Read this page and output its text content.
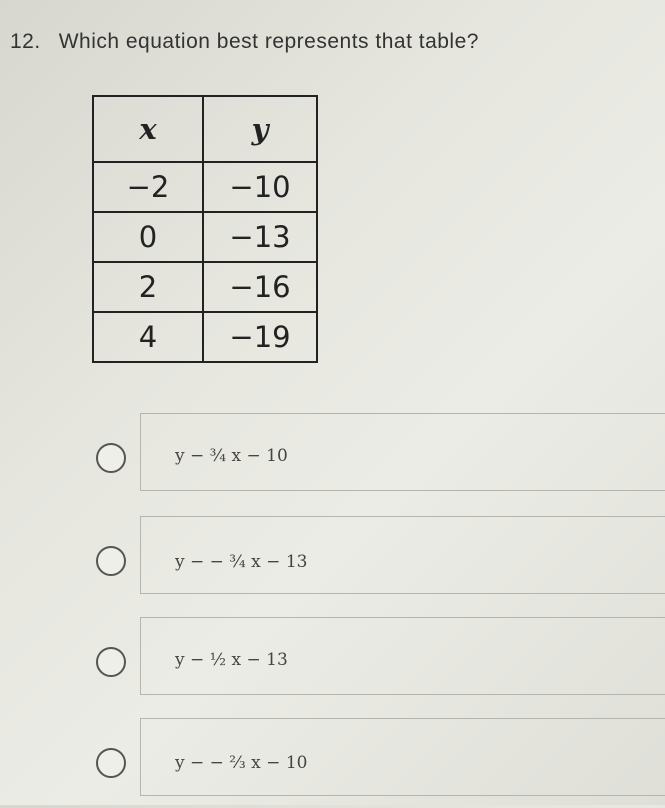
12. Which equation best represents that table?
x	y
−2	−10
0	−13
2	−16
4	−19
y − ¾ x − 10
y − − ¾ x − 13
y − ½ x − 13
y − − ⅔ x − 10
